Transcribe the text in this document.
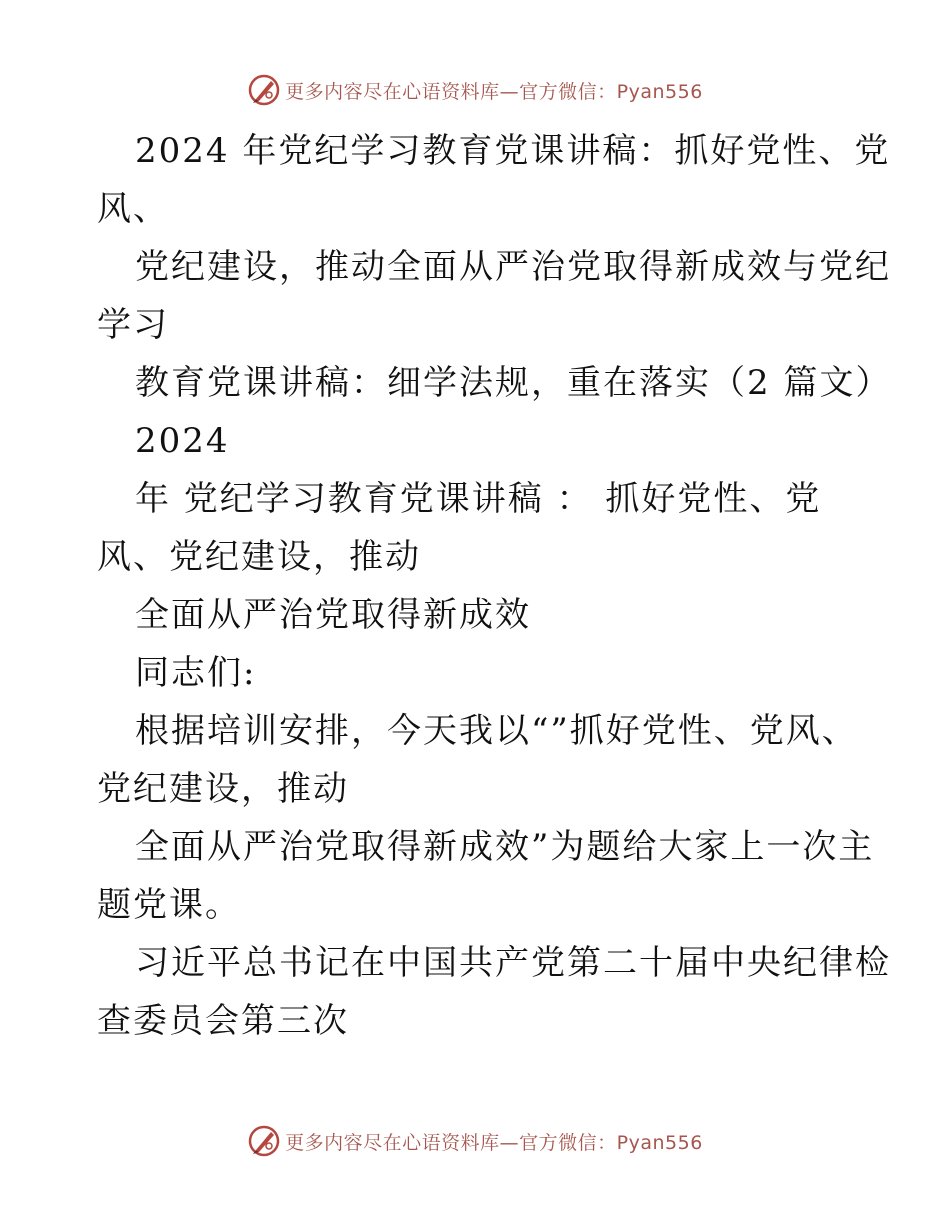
更多内容尽在心语资料库—官方微信：Pyan556
2024 年党纪学习教育党课讲稿：抓好党性、党
风、
党纪建设，推动全面从严治党取得新成效与党纪
学习
教育党课讲稿：细学法规，重在落实（2 篇文）
2024
年 党纪学习教育党课讲稿 ： 抓好党性、党
风、党纪建设，推动
全面从严治党取得新成效
同志们:
根据培训安排，今天我以“”抓好党性、党风、
党纪建设，推动
全面从严治党取得新成效”为题给大家上一次主
题党课。
习近平总书记在中国共产党第二十届中央纪律检
查委员会第三次
更多内容尽在心语资料库—官方微信：Pyan556
